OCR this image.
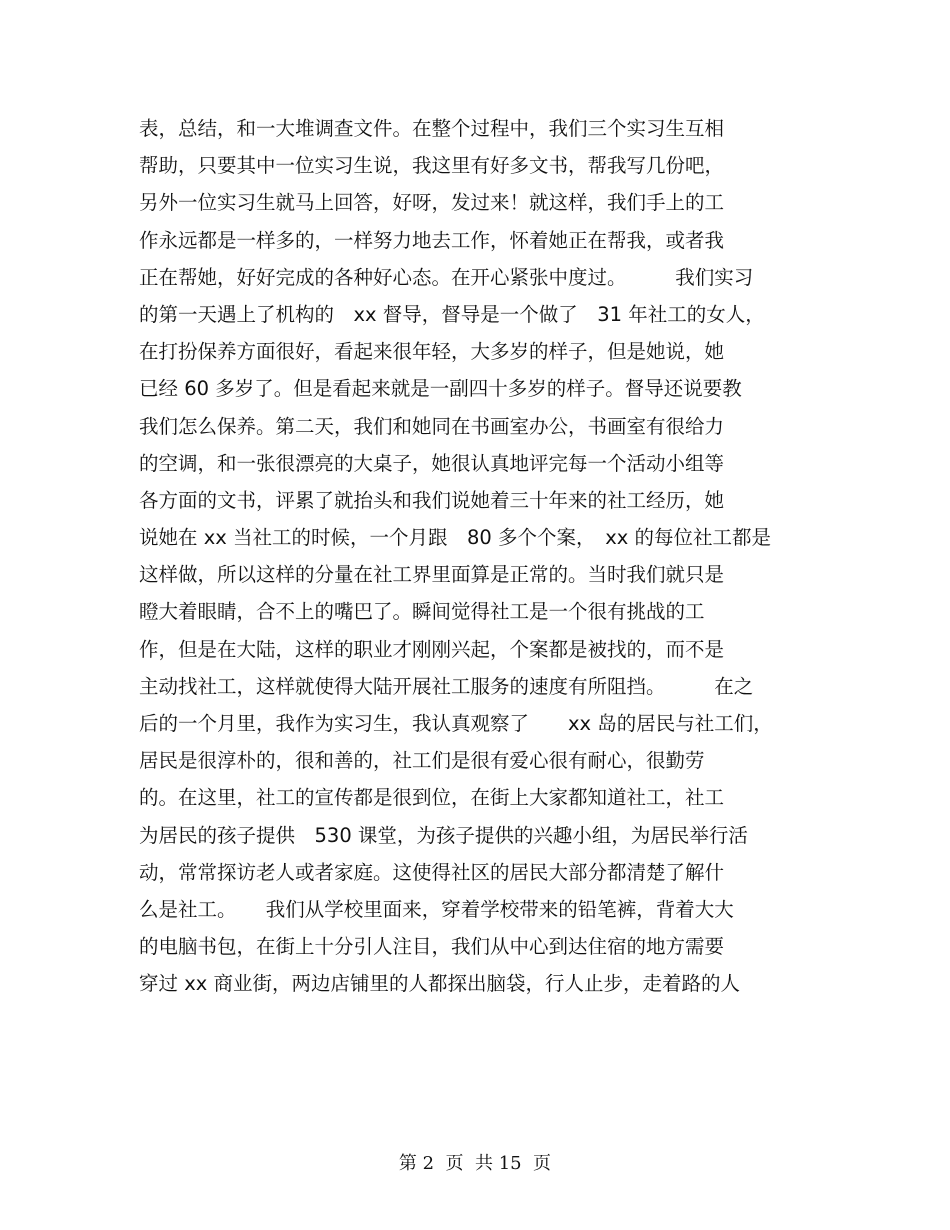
表，总结，和一大堆调查文件。在整个过程中，我们三个实习生互相
帮助，只要其中一位实习生说，我这里有好多文书，帮我写几份吧，
另外一位实习生就马上回答，好呀，发过来！就这样，我们手上的工
作永远都是一样多的，一样努力地去工作，怀着她正在帮我，或者我
正在帮她，好好完成的各种好心态。在开心紧张中度过。　　　我们实习
的第一天遇上了机构的　xx 督导，督导是一个做了　31 年社工的女人，
在打扮保养方面很好，看起来很年轻，大多岁的样子，但是她说，她
已经 60 多岁了。但是看起来就是一副四十多岁的样子。督导还说要教
我们怎么保养。第二天，我们和她同在书画室办公，书画室有很给力
的空调，和一张很漂亮的大桌子，她很认真地评完每一个活动小组等
各方面的文书，评累了就抬头和我们说她着三十年来的社工经历，她
说她在 xx 当社工的时候，一个月跟　80 多个个案，　xx 的每位社工都是
这样做，所以这样的分量在社工界里面算是正常的。当时我们就只是
瞪大着眼睛，合不上的嘴巴了。瞬间觉得社工是一个很有挑战的工
作，但是在大陆，这样的职业才刚刚兴起，个案都是被找的，而不是
主动找社工，这样就使得大陆开展社工服务的速度有所阻挡。　　　在之
后的一个月里，我作为实习生，我认真观察了　　xx 岛的居民与社工们，
居民是很淳朴的，很和善的，社工们是很有爱心很有耐心，很勤劳
的。在这里，社工的宣传都是很到位，在街上大家都知道社工，社工
为居民的孩子提供　530 课堂，为孩子提供的兴趣小组，为居民举行活
动，常常探访老人或者家庭。这使得社区的居民大部分都清楚了解什
么是社工。　　我们从学校里面来，穿着学校带来的铅笔裤，背着大大
的电脑书包，在街上十分引人注目，我们从中心到达住宿的地方需要
穿过 xx 商业街，两边店铺里的人都探出脑袋，行人止步，走着路的人
第 2  页  共 15  页
